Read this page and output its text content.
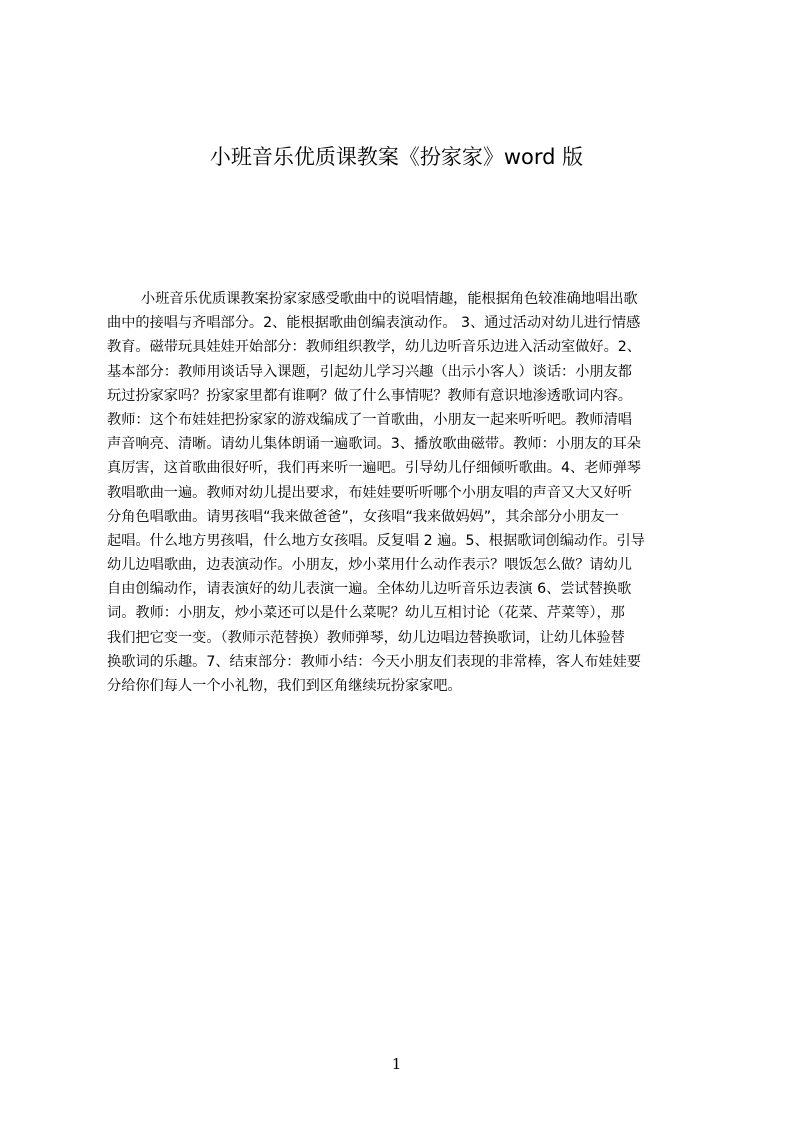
小班音乐优质课教案《扮家家》word 版
小班音乐优质课教案扮家家感受歌曲中的说唱情趣，能根据角色较准确地唱出歌
曲中的接唱与齐唱部分。2、能根据歌曲创编表演动作。 3、通过活动对幼儿进行情感
教育。磁带玩具娃娃开始部分：教师组织教学，幼儿边听音乐边进入活动室做好。2、
基本部分：教师用谈话导入课题，引起幼儿学习兴趣（出示小客人）谈话：小朋友都
玩过扮家家吗？扮家家里都有谁啊？做了什么事情呢？教师有意识地渗透歌词内容。
教师：这个布娃娃把扮家家的游戏编成了一首歌曲，小朋友一起来听听吧。教师清唱
声音响亮、清晰。请幼儿集体朗诵一遍歌词。3、播放歌曲磁带。教师：小朋友的耳朵
真厉害，这首歌曲很好听，我们再来听一遍吧。引导幼儿仔细倾听歌曲。4、老师弹琴
教唱歌曲一遍。教师对幼儿提出要求，布娃娃要听听哪个小朋友唱的声音又大又好听
分角色唱歌曲。请男孩唱“我来做爸爸”，女孩唱“我来做妈妈”，其余部分小朋友一
起唱。什么地方男孩唱，什么地方女孩唱。反复唱 2 遍。5、根据歌词创编动作。引导
幼儿边唱歌曲，边表演动作。小朋友，炒小菜用什么动作表示？喂饭怎么做？请幼儿
自由创编动作，请表演好的幼儿表演一遍。全体幼儿边听音乐边表演 6、尝试替换歌
词。教师：小朋友，炒小菜还可以是什么菜呢？幼儿互相讨论（花菜、芹菜等），那
我们把它变一变。（教师示范替换）教师弹琴，幼儿边唱边替换歌词，让幼儿体验替
换歌词的乐趣。7、结束部分：教师小结：今天小朋友们表现的非常棒，客人布娃娃要
分给你们每人一个小礼物，我们到区角继续玩扮家家吧。
1
